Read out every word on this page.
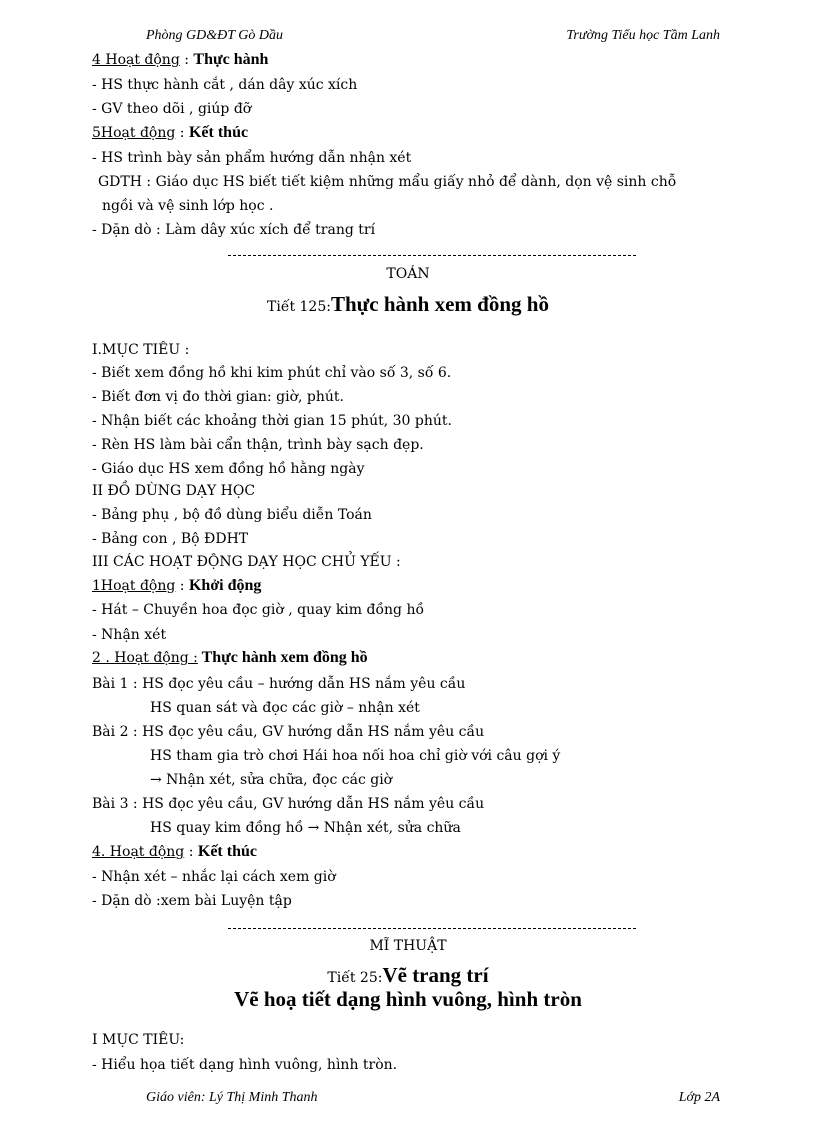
Phòng GD&ĐT Gò Dầu	Trường Tiểu học Tầm Lanh
4 Hoạt động : Thực hành
- HS thực hành cắt , dán dây xúc xích
- GV theo dõi , giúp đỡ
5Hoạt động : Kết thúc
- HS trình bày sản phẩm hướng dẫn nhận xét
GDTH : Giáo dục HS biết tiết kiệm những mẩu giấy nhỏ để dành, dọn vệ sinh chỗ
ngồi và vệ sinh lớp học .
- Dặn dò : Làm dây xúc xích để trang trí
TOÁN
Tiết 125:Thực hành xem đồng hồ
I.MỤC TIÊU :
- Biết xem đồng hồ khi kim phút chỉ vào số 3, số 6.
- Biết đơn vị đo thời gian: giờ, phút.
- Nhận biết các khoảng thời gian 15 phút, 30 phút.
- Rèn HS làm bài cẩn thận, trình bày sạch đẹp.
- Giáo dục HS xem đồng hồ hằng ngày
II ĐỒ DÙNG DẠY HỌC
- Bảng phụ , bộ đồ dùng biểu diễn Toán
- Bảng con , Bộ ĐDHT
III CÁC HOẠT ĐỘNG DẠY HỌC CHỦ YẾU :
1Hoạt động : Khởi động
- Hát – Chuyền hoa đọc giờ , quay kim đồng hồ
- Nhận xét
2 . Hoạt động : Thực hành xem đồng hồ
Bài 1 : HS đọc yêu cầu – hướng dẫn HS nắm yêu cầu
HS quan sát và đọc các giờ – nhận xét
Bài 2 : HS đọc yêu cầu, GV hướng dẫn HS nắm yêu cầu
HS tham gia trò chơi Hái hoa nối hoa chỉ giờ với câu gợi ý
→ Nhận xét, sửa chữa, đọc các giờ
Bài 3 : HS đọc yêu cầu, GV hướng dẫn HS nắm yêu cầu
HS quay kim đồng hồ → Nhận xét, sửa chữa
4. Hoạt động : Kết thúc
- Nhận xét – nhắc lại cách xem giờ
- Dặn dò :xem bài Luyện tập
MĨ THUẬT
Tiết 25:Vẽ trang trí
Vẽ hoạ tiết dạng hình vuông, hình tròn
I MỤC TIÊU:
- Hiểu họa tiết dạng hình vuông, hình tròn.
Giáo viên: Lý Thị Minh Thanh	Lớp 2A
